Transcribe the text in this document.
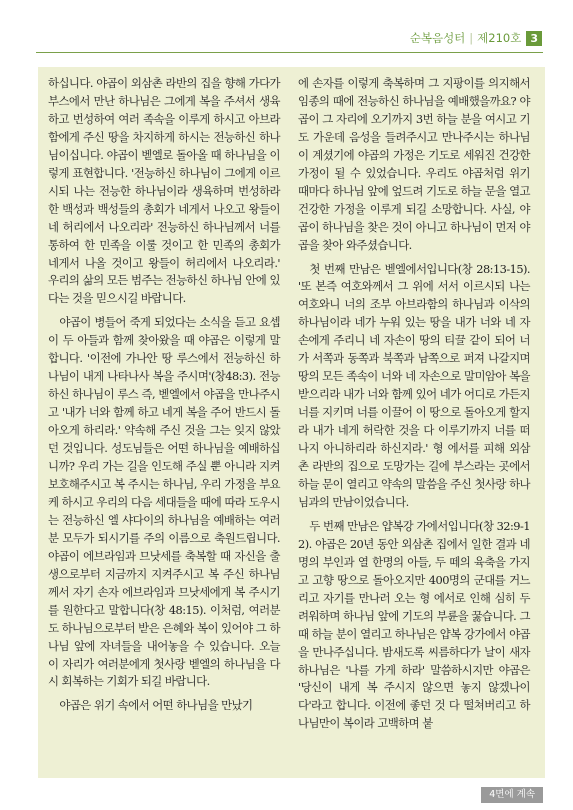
순복음성터 | 제210호 3

하십니다. 야곱이 외삼촌 라반의 집을 향해 가다가 부스에서 만난 하나님은 그에게 복을 주셔서 생육하고 번성하여 여러 족속을 이루게 하시고 아브라함에게 주신 땅을 차지하게 하시는 전능하신 하나님이십니다. 야곱이 벧엘로 돌아올 때 하나님을 이렇게 표현합니다. '전능하신 하나님이 그에게 이르시되 나는 전능한 하나님이라 생육하며 번성하라 한 백성과 백성들의 총회가 네게서 나오고 왕들이 네 허리에서 나오리라' 전능하신 하나님께서 너를 통하여 한 민족을 이룰 것이고 한 민족의 총회가 네게서 나올 것이고 왕들이 허리에서 나오리라.' 우리의 삶의 모든 범주는 전능하신 하나님 안에 있다는 것을 믿으시길 바랍니다.

야곱이 병들어 죽게 되었다는 소식을 듣고 요셉이 두 아들과 함께 찾아왔을 때 야곱은 이렇게 말합니다. '이전에 가나안 땅 루스에서 전능하신 하나님이 내게 나타나사 복을 주시며'(창48:3). 전능하신 하나님이 루스 즉, 벧엘에서 야곱을 만나주시고 '내가 너와 함께 하고 네게 복을 주어 반드시 돌아오게 하리라.' 약속해 주신 것을 그는 잊지 않았던 것입니다. 성도님들은 어떤 하나님을 예배하십니까? 우리 가는 길을 인도해 주실 뿐 아니라 지켜 보호해주시고 복 주시는 하나님, 우리 가정을 부요케 하시고 우리의 다음 세대들을 때에 따라 도우시는 전능하신 엘 샤다이의 하나님을 예배하는 여러분 모두가 되시기를 주의 이름으로 축원드립니다. 야곱이 에브라임과 므낫세를 축복할 때 자신을 출생으로부터 지금까지 지켜주시고 복 주신 하나님께서 자기 손자 에브라임과 므낫세에게 복 주시기를 원한다고 말합니다(창 48:15). 이처럼, 여러분도 하나님으로부터 받은 은혜와 복이 있어야 그 하나님 앞에 자녀들을 내어놓을 수 있습니다. 오늘 이 자리가 여러분에게 첫사랑 벧엘의 하나님을 다시 회복하는 기회가 되길 바랍니다.

야곱은 위기 속에서 어떤 하나님을 만났기

에 손자를 이렇게 축복하며 그 지팡이를 의지해서 임종의 때에 전능하신 하나님을 예배했을까요? 야곱이 그 자리에 오기까지 3번 하늘 분을 여시고 기도 가운데 음성을 들려주시고 만나주시는 하나님이 계셨기에 야곱의 가정은 기도로 세워진 건강한 가정이 될 수 있었습니다. 우리도 야곱처럼 위기 때마다 하나님 앞에 엎드려 기도로 하늘 문을 열고 건강한 가정을 이루게 되길 소망합니다. 사실, 야곱이 하나님을 찾은 것이 아니고 하나님이 먼저 야곱을 찾아 와주셨습니다.

첫 번째 만남은 벧엘에서입니다(창 28:13-15). '또 본즉 여호와께서 그 위에 서서 이르시되 나는 여호와니 너의 조부 아브라함의 하나님과 이삭의 하나님이라 네가 누워 있는 땅을 내가 너와 네 자손에게 주리니 네 자손이 땅의 티끌 같이 되어 너가 서쪽과 동쪽과 북쪽과 남쪽으로 퍼져 나갈지며 땅의 모든 족속이 너와 네 자손으로 말미암아 복을 받으리라 내가 너와 함께 있어 네가 어디로 가든지 너를 지키며 너를 이끌어 이 땅으로 돌아오게 할지라 내가 네게 허락한 것을 다 이루기까지 너를 떠나지 아니하리라 하신지라.' 형 에서를 피해 외삼촌 라반의 집으로 도망가는 길에 부스라는 곳에서 하늘 문이 열리고 약속의 말씀을 주신 첫사랑 하나님과의 만남이었습니다.

두 번째 만남은 얍복강 가에서입니다(창 32:9-12). 야곱은 20년 동안 외삼촌 집에서 일한 결과 네 명의 부인과 열 한명의 아들, 두 떼의 육축을 가지고 고향 땅으로 돌아오지만 400명의 군대를 거느리고 자기를 만나러 오는 형 에서로 인해 심히 두려워하며 하나님 앞에 기도의 부륜을 꿇습니다. 그때 하늘 분이 열리고 하나님은 얍복 강가에서 야곱을 만나주십니다. 밤새도록 씨름하다가 날이 새자 하나님은 '나를 가게 하라' 말씀하시지만 야곱은 '당신이 내게 복 주시지 않으면 놓지 않겠나이다'라고 합니다. 이전에 좋던 것 다 떨쳐버리고 하나님만이 복이라 고백하며 붙

4면에 계속
